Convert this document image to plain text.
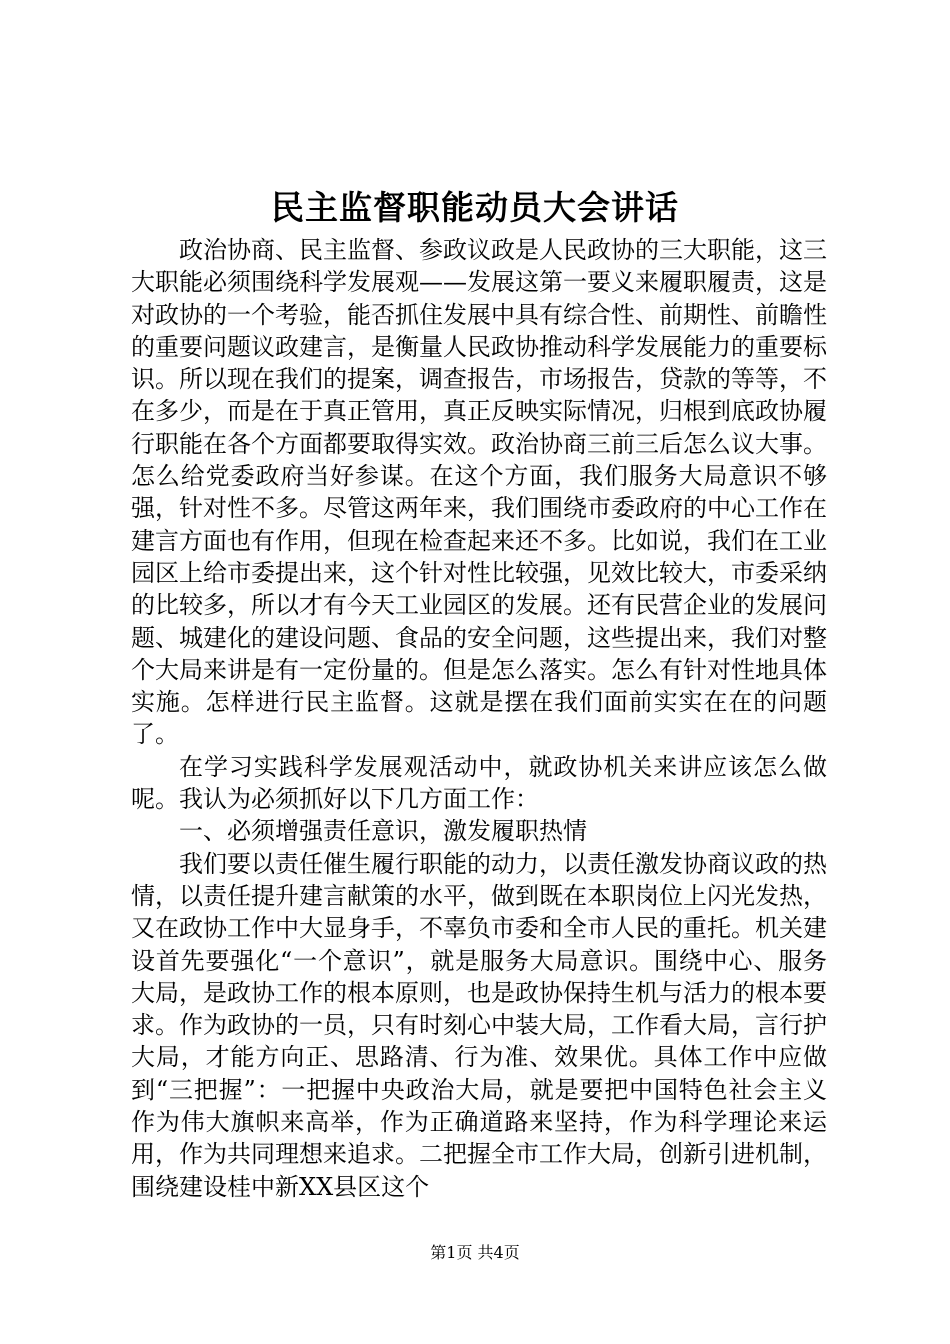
民主监督职能动员大会讲话

政治协商、民主监督、参政议政是人民政协的三大职能，这三大职能必须围绕科学发展观——发展这第一要义来履职履责，这是对政协的一个考验，能否抓住发展中具有综合性、前期性、前瞻性的重要问题议政建言，是衡量人民政协推动科学发展能力的重要标识。所以现在我们的提案，调查报告，市场报告，贷款的等等，不在多少，而是在于真正管用，真正反映实际情况，归根到底政协履行职能在各个方面都要取得实效。政治协商三前三后怎么议大事。怎么给党委政府当好参谋。在这个方面，我们服务大局意识不够强，针对性不多。尽管这两年来，我们围绕市委政府的中心工作在建言方面也有作用，但现在检查起来还不多。比如说，我们在工业园区上给市委提出来，这个针对性比较强，见效比较大，市委采纳的比较多，所以才有今天工业园区的发展。还有民营企业的发展问题、城建化的建设问题、食品的安全问题，这些提出来，我们对整个大局来讲是有一定份量的。但是怎么落实。怎么有针对性地具体实施。怎样进行民主监督。这就是摆在我们面前实实在在的问题了。

在学习实践科学发展观活动中，就政协机关来讲应该怎么做呢。我认为必须抓好以下几方面工作：

一、必须增强责任意识，激发履职热情

我们要以责任催生履行职能的动力，以责任激发协商议政的热情，以责任提升建言献策的水平，做到既在本职岗位上闪光发热，又在政协工作中大显身手，不辜负市委和全市人民的重托。机关建设首先要强化“一个意识”，就是服务大局意识。围绕中心、服务大局，是政协工作的根本原则，也是政协保持生机与活力的根本要求。作为政协的一员，只有时刻心中装大局，工作看大局，言行护大局，才能方向正、思路清、行为准、效果优。具体工作中应做到“三把握”：一把握中央政治大局，就是要把中国特色社会主义作为伟大旗帜来高举，作为正确道路来坚持，作为科学理论来运用，作为共同理想来追求。二把握全市工作大局，创新引进机制，围绕建设桂中新XX县区这个

第1页 共4页
